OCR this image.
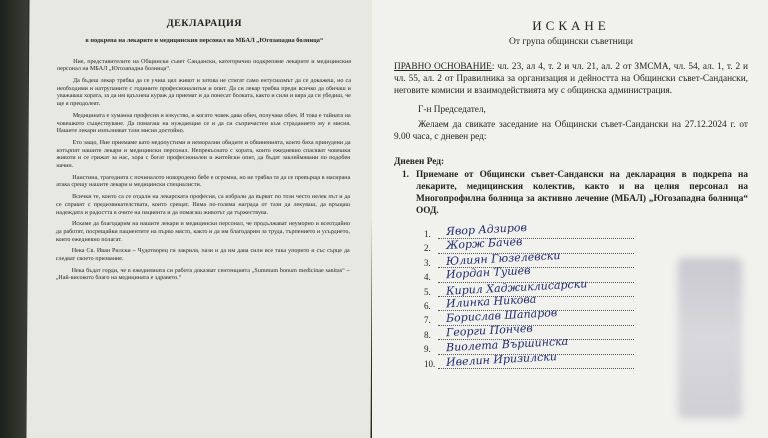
ДЕКЛАРАЦИЯ
в подкрепа на лекарите и медицинския персонал на МБАЛ „Югозападна болница“

Ние, представителите на Общински съвет Сандански, категорично подкрепяме лекарите и медицинския персонал на МБАЛ „Югозападна болница“.

Да бъдеш лекар трябва да се учиш цял живот и затова не стигат само ентусиазмът да се докажеш, но са необходими и натрупаните с годините професионализъм и опит. Да си лекар трябва преди всичко да обичаш и уважаваш хората, за да им вдъхнеш кураж да приемат и да понесат болката, както и сили и вяра да ги убедиш, че ще я преодолеят.

Медицината е хуманна професия и изкуство, и когато човек дава обич, получава обич. И това е тайната на човешкото съществуване. Да помагаш на нуждаещия се и да си съпричастен към страданието му е мисия. Нашите лекари изпълняват тази мисия достойно.

Ето защо, Ние приемаме като недопустими и неморални обидите и обвиненията, които бяха принудени да изтърпят нашите лекари и медицински персонал. Непрекъснато с хората, които ежедневно спасяват човешки животи и се грижат за нас, хора с богат професионален и житейски опит, да бъдат заклеймявани по подобен начин.

Наистина, трагедията с починалото новородено бебе е огромна, но не трябва тя да се превърща в масирана атака срещу нашите лекари и медицински специалисти.

Всички те, които са се отдали на лекарската професия, са избрали да вървят по този често нелек път и да се справят с предизвикателствата, които срещат. Няма по-голяма награда от тази да лекуваш, да връщаш надеждата и радостта в очите на пациента и да помагаш животът да тържествува.

Искаме да благодарим на нашите лекари и медицински персонал, че продължават неуморно и всеотдайно да работят, посрещайки пациентите на първо място, както и да им благодарим за труда, търпението и усърдието, които ежедневно полагат.

Нека Св. Иван Рилски – Чудотворец ги закриля, пази и да им дава сили все така упорито и със сърце да следват своето призвание.

Нека бъдат горди, че в ежедневната си работа доказват сентенцията „Summum bonum medicinae sanitas“ – „Най-високото благо на медицината е здравето.“

ИСКАНЕ
От група общински съветници

ПРАВНО ОСНОВАНИЕ: чл. 23, ал 4, т. 2 и чл. 21, ал. 2 от ЗМСМА, чл. 54, ал. 1, т. 2 и чл. 55, ал. 2 от Правилника за организация и дейността на Общински съвет-Сандански, неговите комисии и взаимодействията му с общинска администрация.

Г-н Председател,

Желаем да свикате заседание на Общински съвет-Сандански на 27.12.2024 г. от 9.00 часа, с дневен ред:

Дневен Ред:
1. Приемане от Общински съвет-Сандански на декларация в подкрепа на лекарите, медицинския колектив, както и на целия персонал на Многопрофилна болница за активно лечение (МБАЛ) „Югозападна болница“ ООД.
1. Явор Адзиров
2. Жорж Бачев
3. Юлиян Гюзелевски
4. Иордан Тушев
5. Кирил Хаджиклисарски
6. Илинка Никова
7. Борислав Шапаров
8. Георги Пончев
9. Виолета Вършинска
10. Ивелин Иризилски
